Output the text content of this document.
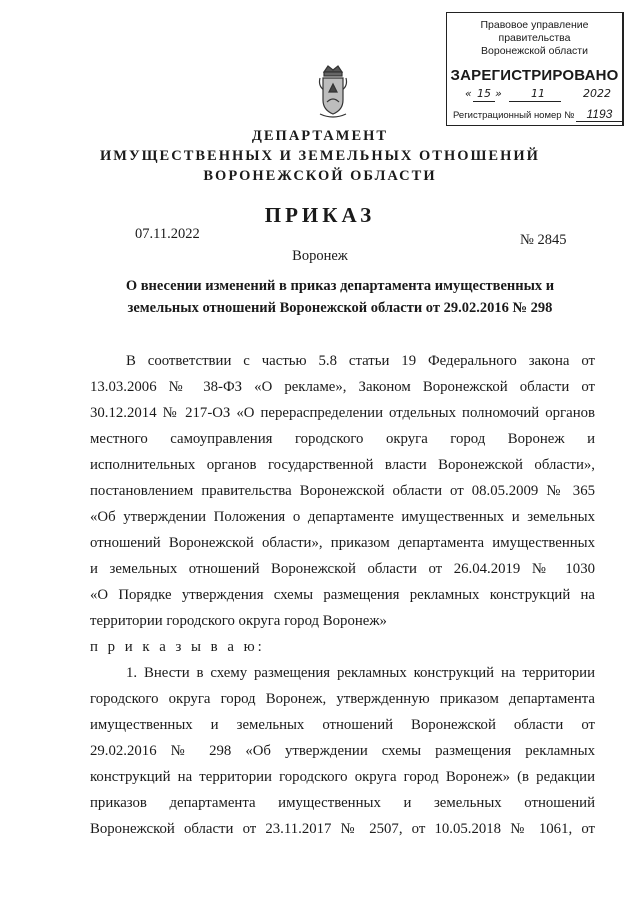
Правовое управление правительства
Воронежской области
ЗАРЕГИСТРИРОВАНО
« 15 »	11	2022
Регистрационный номер № 1193
ДЕПАРТАМЕНТ
ИМУЩЕСТВЕННЫХ И ЗЕМЕЛЬНЫХ ОТНОШЕНИЙ
ВОРОНЕЖСКОЙ ОБЛАСТИ
ПРИКАЗ
07.11.2022
Воронеж
№ 2845
О внесении изменений в приказ департамента имущественных и
земельных отношений Воронежской области от 29.02.2016 № 298
В соответствии с частью 5.8 статьи 19 Федерального закона от
13.03.2006 № 38-ФЗ «О рекламе», Законом Воронежской области от
30.12.2014 № 217-ОЗ «О перераспределении отдельных полномочий органов
местного самоуправления городского округа город Воронеж и
исполнительных органов государственной власти Воронежской области»,
постановлением правительства Воронежской области от 08.05.2009 № 365
«Об утверждении Положения о департаменте имущественных и земельных
отношений Воронежской области», приказом департамента имущественных
и земельных отношений Воронежской области от 26.04.2019 № 1030
«О Порядке утверждения схемы размещения рекламных конструкций на
территории городского округа город Воронеж»
п р и к а з ы в а ю:
1. Внести в схему размещения рекламных конструкций на территории
городского округа город Воронеж, утвержденную приказом департамента
имущественных и земельных отношений Воронежской области от
29.02.2016 № 298 «Об утверждении схемы размещения рекламных
конструкций на территории городского округа город Воронеж» (в редакции
приказов департамента имущественных и земельных отношений
Воронежской области от 23.11.2017 № 2507, от 10.05.2018 № 1061, от
